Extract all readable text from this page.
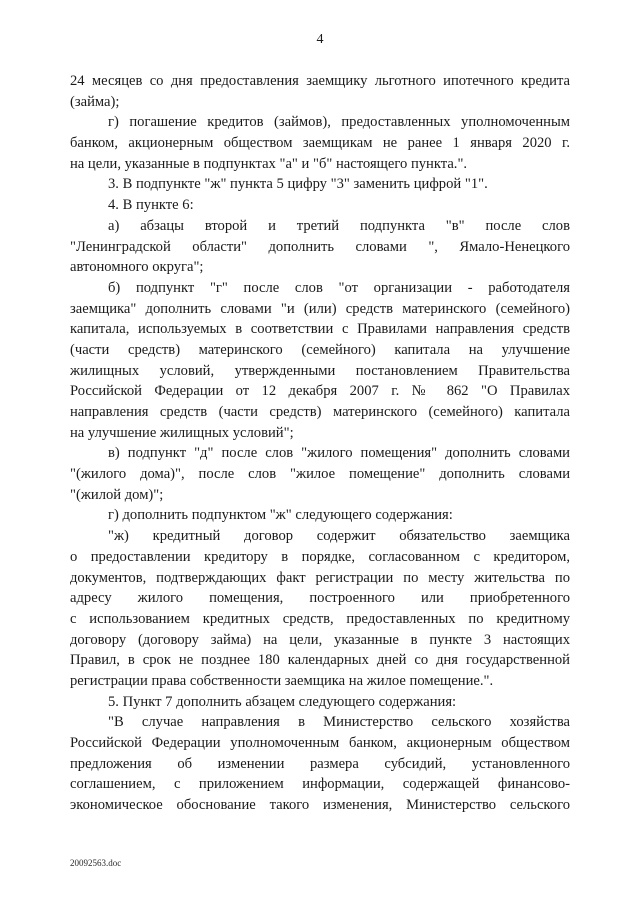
4
24 месяцев со дня предоставления заемщику льготного ипотечного кредита
(займа);
г) погашение кредитов (займов), предоставленных уполномоченным
банком, акционерным обществом заемщикам не ранее 1 января 2020 г.
на цели, указанные в подпунктах "а" и "б" настоящего пункта.".
3. В подпункте "ж" пункта 5 цифру "3" заменить цифрой "1".
4. В пункте 6:
а) абзацы второй и третий подпункта "в" после слов
"Ленинградской области" дополнить словами ", Ямало-Ненецкого
автономного округа";
б) подпункт "г" после слов "от организации - работодателя
заемщика" дополнить словами "и (или) средств материнского (семейного)
капитала, используемых в соответствии с Правилами направления средств
(части средств) материнского (семейного) капитала на улучшение
жилищных условий, утвержденными постановлением Правительства
Российской Федерации от 12 декабря 2007 г. № 862 "О Правилах
направления средств (части средств) материнского (семейного) капитала
на улучшение жилищных условий";
в) подпункт "д" после слов "жилого помещения" дополнить словами
"(жилого дома)", после слов "жилое помещение" дополнить словами
"(жилой дом)";
г) дополнить подпунктом "ж" следующего содержания:
"ж) кредитный договор содержит обязательство заемщика
о предоставлении кредитору в порядке, согласованном с кредитором,
документов, подтверждающих факт регистрации по месту жительства по
адресу жилого помещения, построенного или приобретенного
с использованием кредитных средств, предоставленных по кредитному
договору (договору займа) на цели, указанные в пункте 3 настоящих
Правил, в срок не позднее 180 календарных дней со дня государственной
регистрации права собственности заемщика на жилое помещение.".
5. Пункт 7 дополнить абзацем следующего содержания:
"В случае направления в Министерство сельского хозяйства
Российской Федерации уполномоченным банком, акционерным обществом
предложения об изменении размера субсидий, установленного
соглашением, с приложением информации, содержащей финансово-
экономическое обоснование такого изменения, Министерство сельского
20092563.doc
